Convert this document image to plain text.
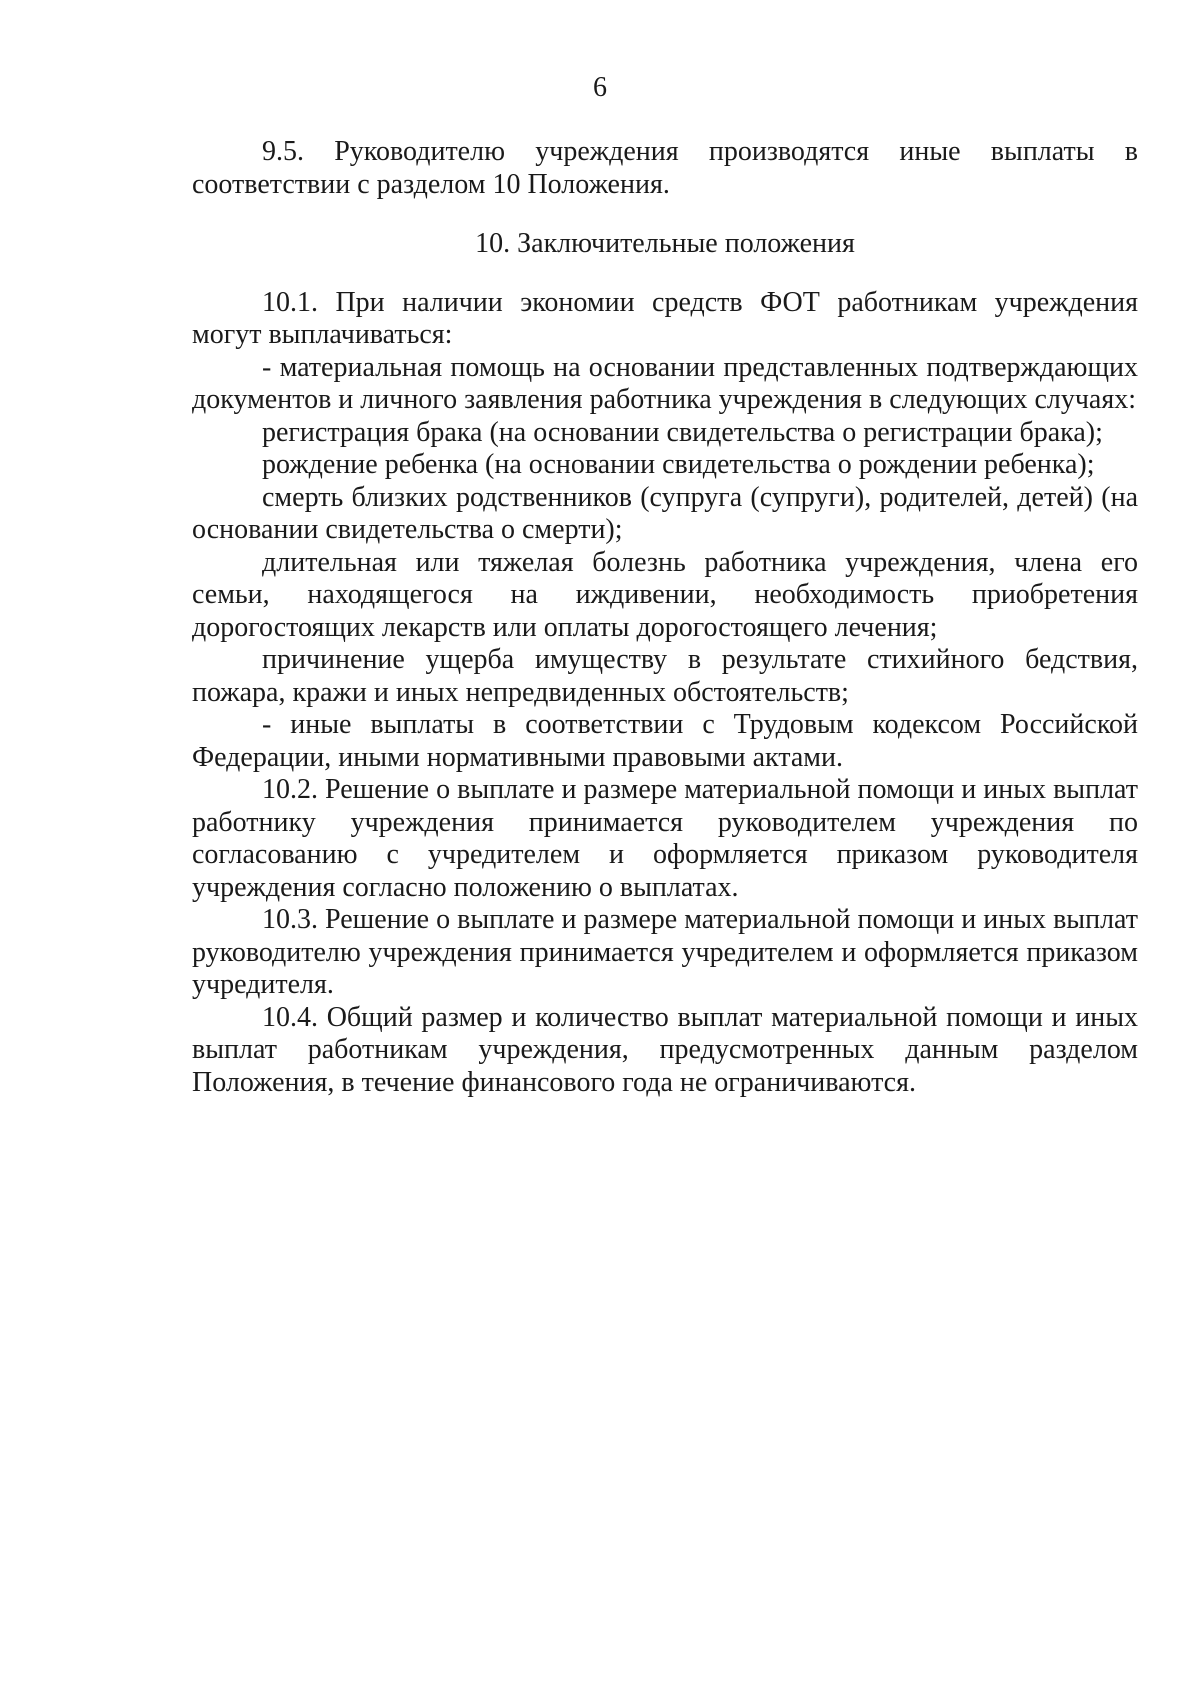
6

9.5. Руководителю учреждения производятся иные выплаты в соответствии с разделом 10 Положения.

10. Заключительные положения

10.1. При наличии экономии средств ФОТ работникам учреждения могут выплачиваться:

- материальная помощь на основании представленных подтверждающих документов и личного заявления работника учреждения в следующих случаях:

регистрация брака (на основании свидетельства о регистрации брака);

рождение ребенка (на основании свидетельства о рождении ребенка);

смерть близких родственников (супруга (супруги), родителей, детей) (на основании свидетельства о смерти);

длительная или тяжелая болезнь работника учреждения, члена его семьи, находящегося на иждивении, необходимость приобретения дорогостоящих лекарств или оплаты дорогостоящего лечения;

причинение ущерба имуществу в результате стихийного бедствия, пожара, кражи и иных непредвиденных обстоятельств;

- иные выплаты в соответствии с Трудовым кодексом Российской Федерации, иными нормативными правовыми актами.

10.2. Решение о выплате и размере материальной помощи и иных выплат работнику учреждения принимается руководителем учреждения по согласованию с учредителем и оформляется приказом руководителя учреждения согласно положению о выплатах.

10.3. Решение о выплате и размере материальной помощи и иных выплат руководителю учреждения принимается учредителем и оформляется приказом учредителя.

10.4. Общий размер и количество выплат материальной помощи и иных выплат работникам учреждения, предусмотренных данным разделом Положения, в течение финансового года не ограничиваются.
